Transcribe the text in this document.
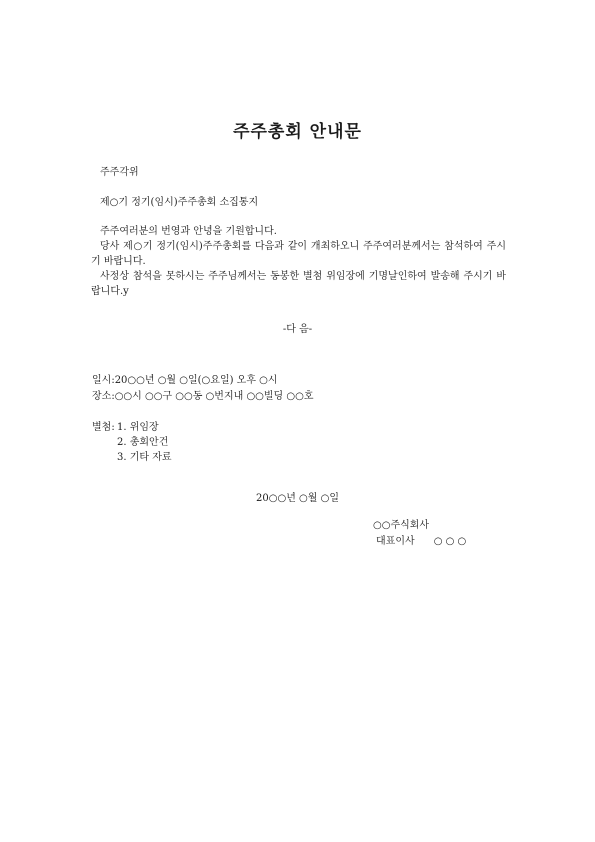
주주총회 안내문
주주각위
제○기 정기(임시)주주총회 소집통지

주주여러분의 번영과 안녕을 기원합니다.

당사 제○기 정기(임시)주주총회를 다음과 같이 개최하오니 주주여러분께서는 참석하여 주시기 바랍니다.

사정상 참석을 못하시는 주주님께서는 동봉한 별첨 위임장에 기명날인하여 발송해 주시기 바랍니다.y

-다 음-
일시:20○○년 ○월 ○일(○요일) 오후 ○시
장소:○○시 ○○구 ○○동 ○번지내 ○○빌딩 ○○호
별첨: 1. 위임장
2. 총회안건
3. 기타 자료
20○○년 ○월 ○일
○○주식회사
대표이사      ○ ○ ○
